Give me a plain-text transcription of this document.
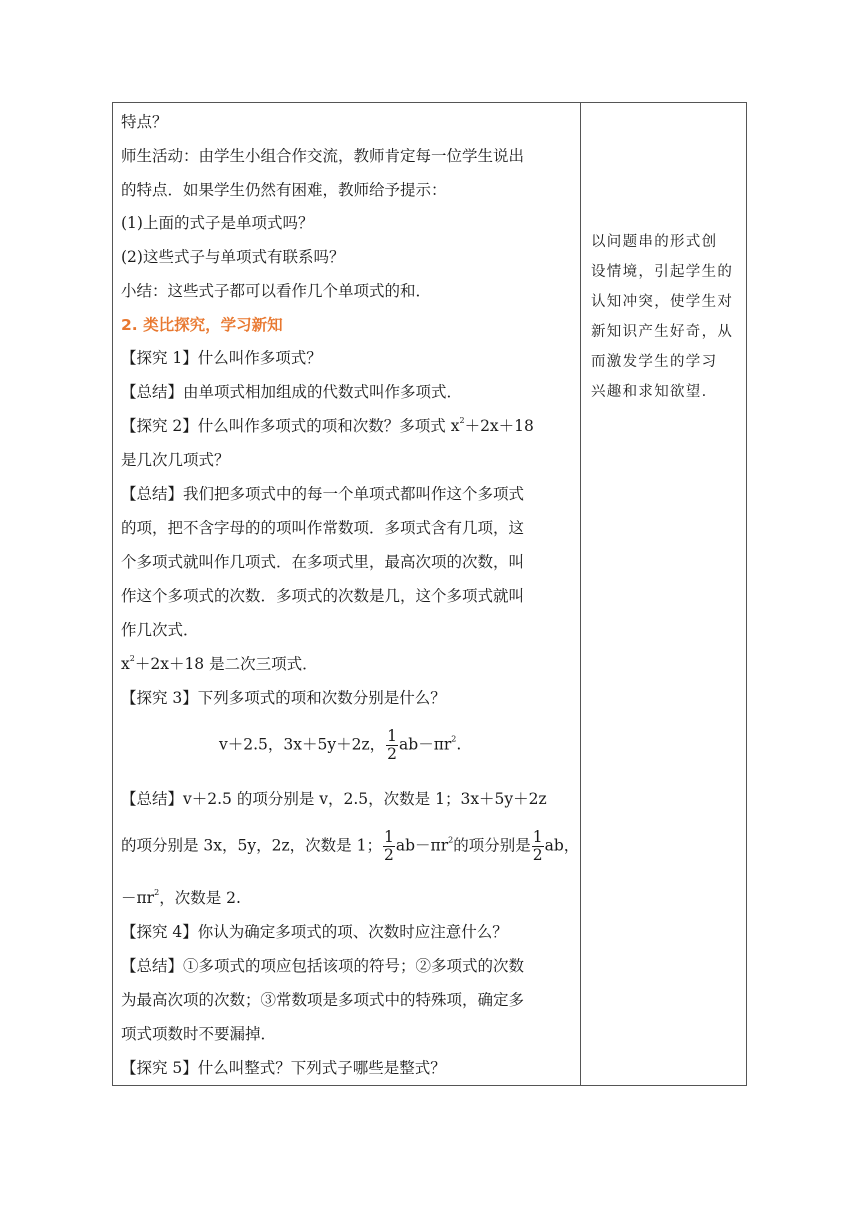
特点？
师生活动：由学生小组合作交流，教师肯定每一位学生说出
的特点．如果学生仍然有困难，教师给予提示：
(1)上面的式子是单项式吗？
(2)这些式子与单项式有联系吗？
小结：这些式子都可以看作几个单项式的和．
2. 类比探究，学习新知
【探究 1】什么叫作多项式？
【总结】由单项式相加组成的代数式叫作多项式．
【探究 2】什么叫作多项式的项和次数？多项式 $x^2+2x+18$
是几次几项式？
【总结】我们把多项式中的每一个单项式都叫作这个多项式
的项，把不含字母的的项叫作常数项．多项式含有几项，这
个多项式就叫作几项式．在多项式里，最高次项的次数，叫
作这个多项式的次数．多项式的次数是几，这个多项式就叫
作几次式．
$x^2+2x+18$ 是二次三项式．
【探究 3】下列多项式的项和次数分别是什么？
v＋2.5，3x＋5y＋2z， $\frac{1}{2} ab-\pi r^2$.
【总结】v＋2.5 的项分别是 v，2.5，次数是 1；3x＋5y＋2z
的项分别是 3x，5y，2z，次数是 1； $\frac{1}{2} ab-\pi r^2$的项分别是 $\frac{1}{2}$ ab，
$-\pi r^2$，次数是 2.
【探究 4】你认为确定多项式的项、次数时应注意什么？
【总结】①多项式的项应包括该项的符号；②多项式的次数
为最高次项的次数；③常数项是多项式中的特殊项，确定多
项式项数时不要漏掉．
【探究 5】什么叫整式？下列式子哪些是整式？
以问题串的形式创
设情境，引起学生的
认知冲突，使学生对
新知识产生好奇，从
而激发学生的学习
兴趣和求知欲望.
